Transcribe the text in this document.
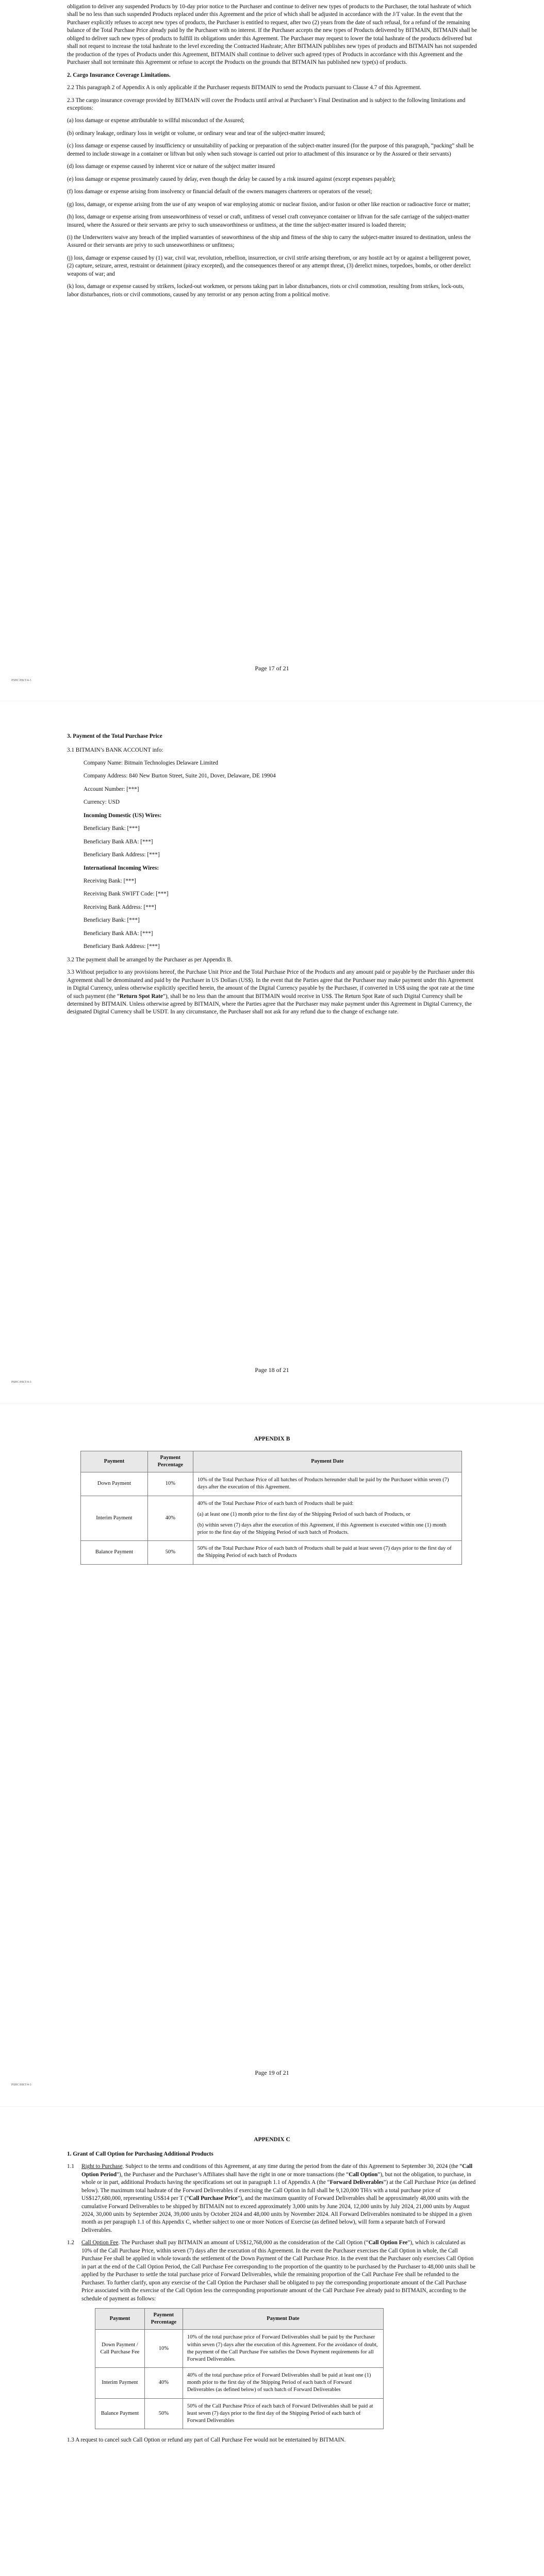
obligation to deliver any suspended Products by 10-day prior notice to the Purchaser and continue to deliver new types of products to the Purchaser, the total hashrate of which shall be no less than such suspended Products replaced under this Agreement and the price of which shall be adjusted in accordance with the J/T value. In the event that the Purchaser explicitly refuses to accept new types of products, the Purchaser is entitled to request, after two (2) years from the date of such refusal, for a refund of the remaining balance of the Total Purchase Price already paid by the Purchaser with no interest. If the Purchaser accepts the new types of Products delivered by BITMAIN, BITMAIN shall be obliged to deliver such new types of products to fulfill its obligations under this Agreement. The Purchaser may request to lower the total hashrate of the products delivered but shall not request to increase the total hashrate to the level exceeding the Contracted Hashrate; After BITMAIN publishes new types of products and BITMAIN has not suspended the production of the types of Products under this Agreement, BITMAIN shall continue to deliver such agreed types of Products in accordance with this Agreement and the Purchaser shall not terminate this Agreement or refuse to accept the Products on the grounds that BITMAIN has published new type(s) of products.

2. Cargo Insurance Coverage Limitations.

2.2 This paragraph 2 of Appendix A is only applicable if the Purchaser requests BITMAIN to send the Products pursuant to Clause 4.7 of this Agreement.

2.3 The cargo insurance coverage provided by BITMAIN will cover the Products until arrival at Purchaser’s Final Destination and is subject to the following limitations and exceptions:

(a) loss damage or expense attributable to willful misconduct of the Assured;
(b) ordinary leakage, ordinary loss in weight or volume, or ordinary wear and tear of the subject-matter insured;
(c) loss damage or expense caused by insufficiency or unsuitability of packing or preparation of the subject-matter insured (for the purpose of this paragraph, “packing” shall be deemed to include stowage in a container or liftvan but only when such stowage is carried out prior to attachment of this insurance or by the Assured or their servants)
(d) loss damage or expense caused by inherent vice or nature of the subject matter insured
(e) loss damage or expense proximately caused by delay, even though the delay be caused by a risk insured against (except expenses payable);
(f) loss damage or expense arising from insolvency or financial default of the owners managers charterers or operators of the vessel;
(g) loss, damage, or expense arising from the use of any weapon of war employing atomic or nuclear fission, and/or fusion or other like reaction or radioactive force or matter;
(h) loss, damage or expense arising from unseaworthiness of vessel or craft, unfitness of vessel craft conveyance container or liftvan for the safe carriage of the subject-matter insured, where the Assured or their servants are privy to such unseaworthiness or unfitness, at the time the subject-matter insured is loaded therein;
(i) the Underwriters waive any breach of the implied warranties of seaworthiness of the ship and fitness of the ship to carry the subject-matter insured to destination, unless the Assured or their servants are privy to such unseaworthiness or unfitness;
(j) loss, damage or expense caused by (1) war, civil war, revolution, rebellion, insurrection, or civil strife arising therefrom, or any hostile act by or against a belligerent power, (2) capture, seizure, arrest, restraint or detainment (piracy excepted), and the consequences thereof or any attempt threat, (3) derelict mines, torpedoes, bombs, or other derelict weapons of war; and
(k) loss, damage or expense caused by strikers, locked-out workmen, or persons taking part in labor disturbances, riots or civil commotion, resulting from strikes, lock-outs, labor disturbances, riots or civil commotions, caused by any terrorist or any person acting from a political motive.
Page 17 of 21
PSHC/HKT/4-3

3. Payment of the Total Purchase Price

3.1 BITMAIN’s BANK ACCOUNT info:

Company Name: Bitmain Technologies Delaware Limited
Company Address: 840 New Burton Street, Suite 201, Dover, Delaware, DE 19904
Account Number: [***]
Currency: USD
Incoming Domestic (US) Wires:
Beneficiary Bank: [***]
Beneficiary Bank ABA: [***]
Beneficiary Bank Address: [***]
International Incoming Wires:
Receiving Bank: [***]
Receiving Bank SWIFT Code: [***]
Receiving Bank Address: [***]
Beneficiary Bank: [***]
Beneficiary Bank ABA: [***]
Beneficiary Bank Address: [***]

3.2 The payment shall be arranged by the Purchaser as per Appendix B.

3.3 Without prejudice to any provisions hereof, the Purchase Unit Price and the Total Purchase Price of the Products and any amount paid or payable by the Purchaser under this Agreement shall be denominated and paid by the Purchaser in US Dollars (US$). In the event that the Parties agree that the Purchaser may make payment under this Agreement in Digital Currency, unless otherwise explicitly specified herein, the amount of the Digital Currency payable by the Purchaser, if converted in US$ using the spot rate at the time of such payment (the “Return Spot Rate”), shall be no less than the amount that BITMAIN would receive in US$. The Return Spot Rate of such Digital Currency shall be determined by BITMAIN. Unless otherwise agreed by BITMAIN, where the Parties agree that the Purchaser may make payment under this Agreement in Digital Currency, the designated Digital Currency shall be USDT. In any circumstance, the Purchaser shall not ask for any refund due to the change of exchange rate.

Page 18 of 21
PSHC/HKT/4-3
APPENDIX B
Payment	Payment Percentage	Payment Date
Down Payment	10%	10% of the Total Purchase Price of all batches of Products hereunder shall be paid by the Purchaser within seven (7) days after the execution of this Agreement.

Interim Payment	40%	40% of the Total Purchase Price of each batch of Products shall be paid:
(a) at least one (1) month prior to the first day of the Shipping Period of such batch of Products, or
(b) within seven (7) days after the execution of this Agreement, if this Agreement is executed within one (1) month prior to the first day of the Shipping Period of such batch of Products.

Balance Payment	50%	50% of the Total Purchase Price of each batch of Products shall be paid at least seven (7) days prior to the first day of the Shipping Period of each batch of Products
Page 19 of 21
PSHC/HKT/4-3
APPENDIX C

1. Grant of Call Option for Purchasing Additional Products

1.1	Right to Purchase. Subject to the terms and conditions of this Agreement, at any time during the period from the date of this Agreement to September 30, 2024 (the “Call Option Period”), the Purchaser and the Purchaser’s Affiliates shall have the right in one or more transactions (the “Call Option”), but not the obligation, to purchase, in whole or in part, additional Products having the specifications set out in paragraph 1.1 of Appendix A (the “Forward Deliverables”) at the Call Purchase Price (as defined below). The maximum total hashrate of the Forward Deliverables if exercising the Call Option in full shall be 9,120,000 TH/s with a total purchase price of US$127,680,000, representing US$14 per T (“Call Purchase Price”), and the maximum quantity of Forward Deliverables shall be approximately 48,000 units with the cumulative Forward Deliverables to be shipped by BITMAIN not to exceed approximately 3,000 units by June 2024, 12,000 units by July 2024, 21,000 units by August 2024, 30,000 units by September 2024, 39,000 units by October 2024 and 48,000 units by November 2024. All Forward Deliverables nominated to be shipped in a given month as per paragraph 1.1 of this Appendix C, whether subject to one or more Notices of Exercise (as defined below), will form a separate batch of Forward Deliverables.
1.2	Call Option Fee. The Purchaser shall pay BITMAIN an amount of US$12,768,000 as the consideration of the Call Option (“Call Option Fee”), which is calculated as 10% of the Call Purchase Price, within seven (7) days after the execution of this Agreement. In the event the Purchaser exercises the Call Option in whole, the Call Purchase Fee shall be applied in whole towards the settlement of the Down Payment of the Call Purchase Price. In the event that the Purchaser only exercises Call Option in part at the end of the Call Option Period, the Call Purchase Fee corresponding to the proportion of the quantity to be purchased by the Purchaser to 48,000 units shall be applied by the Purchaser to settle the total purchase price of Forward Deliverables, while the remaining proportion of the Call Purchase Fee shall be refunded to the Purchaser. To further clarify, upon any exercise of the Call Option the Purchaser shall be obligated to pay the corresponding proportionate amount of the Call Purchase Price associated with the exercise of the Call Option less the corresponding proportionate amount of the Call Purchase Fee already paid to BITMAIN, according to the schedule of payment as follows:
Payment	Payment Percentage	Payment Date
Down Payment / Call Purchase Fee	10%	10% of the total purchase price of Forward Deliverables shall be paid by the Purchaser within seven (7) days after the execution of this Agreement. For the avoidance of doubt, the payment of the Call Purchase Fee satisfies the Down Payment requirements for all Forward Deliverables.

Interim Payment	40%	40% of the total purchase price of Forward Deliverables shall be paid at least one (1) month prior to the first day of the Shipping Period of each batch of Forward Deliverables (as defined below) of such batch of Forward Deliverables

Balance Payment	50%	50% of the Call Purchase Price of each batch of Forward Deliverables shall be paid at least seven (7) days prior to the first day of the Shipping Period of each batch of Forward Deliverables

1.3 A request to cancel such Call Option or refund any part of Call Purchase Fee would not be entertained by BITMAIN.
